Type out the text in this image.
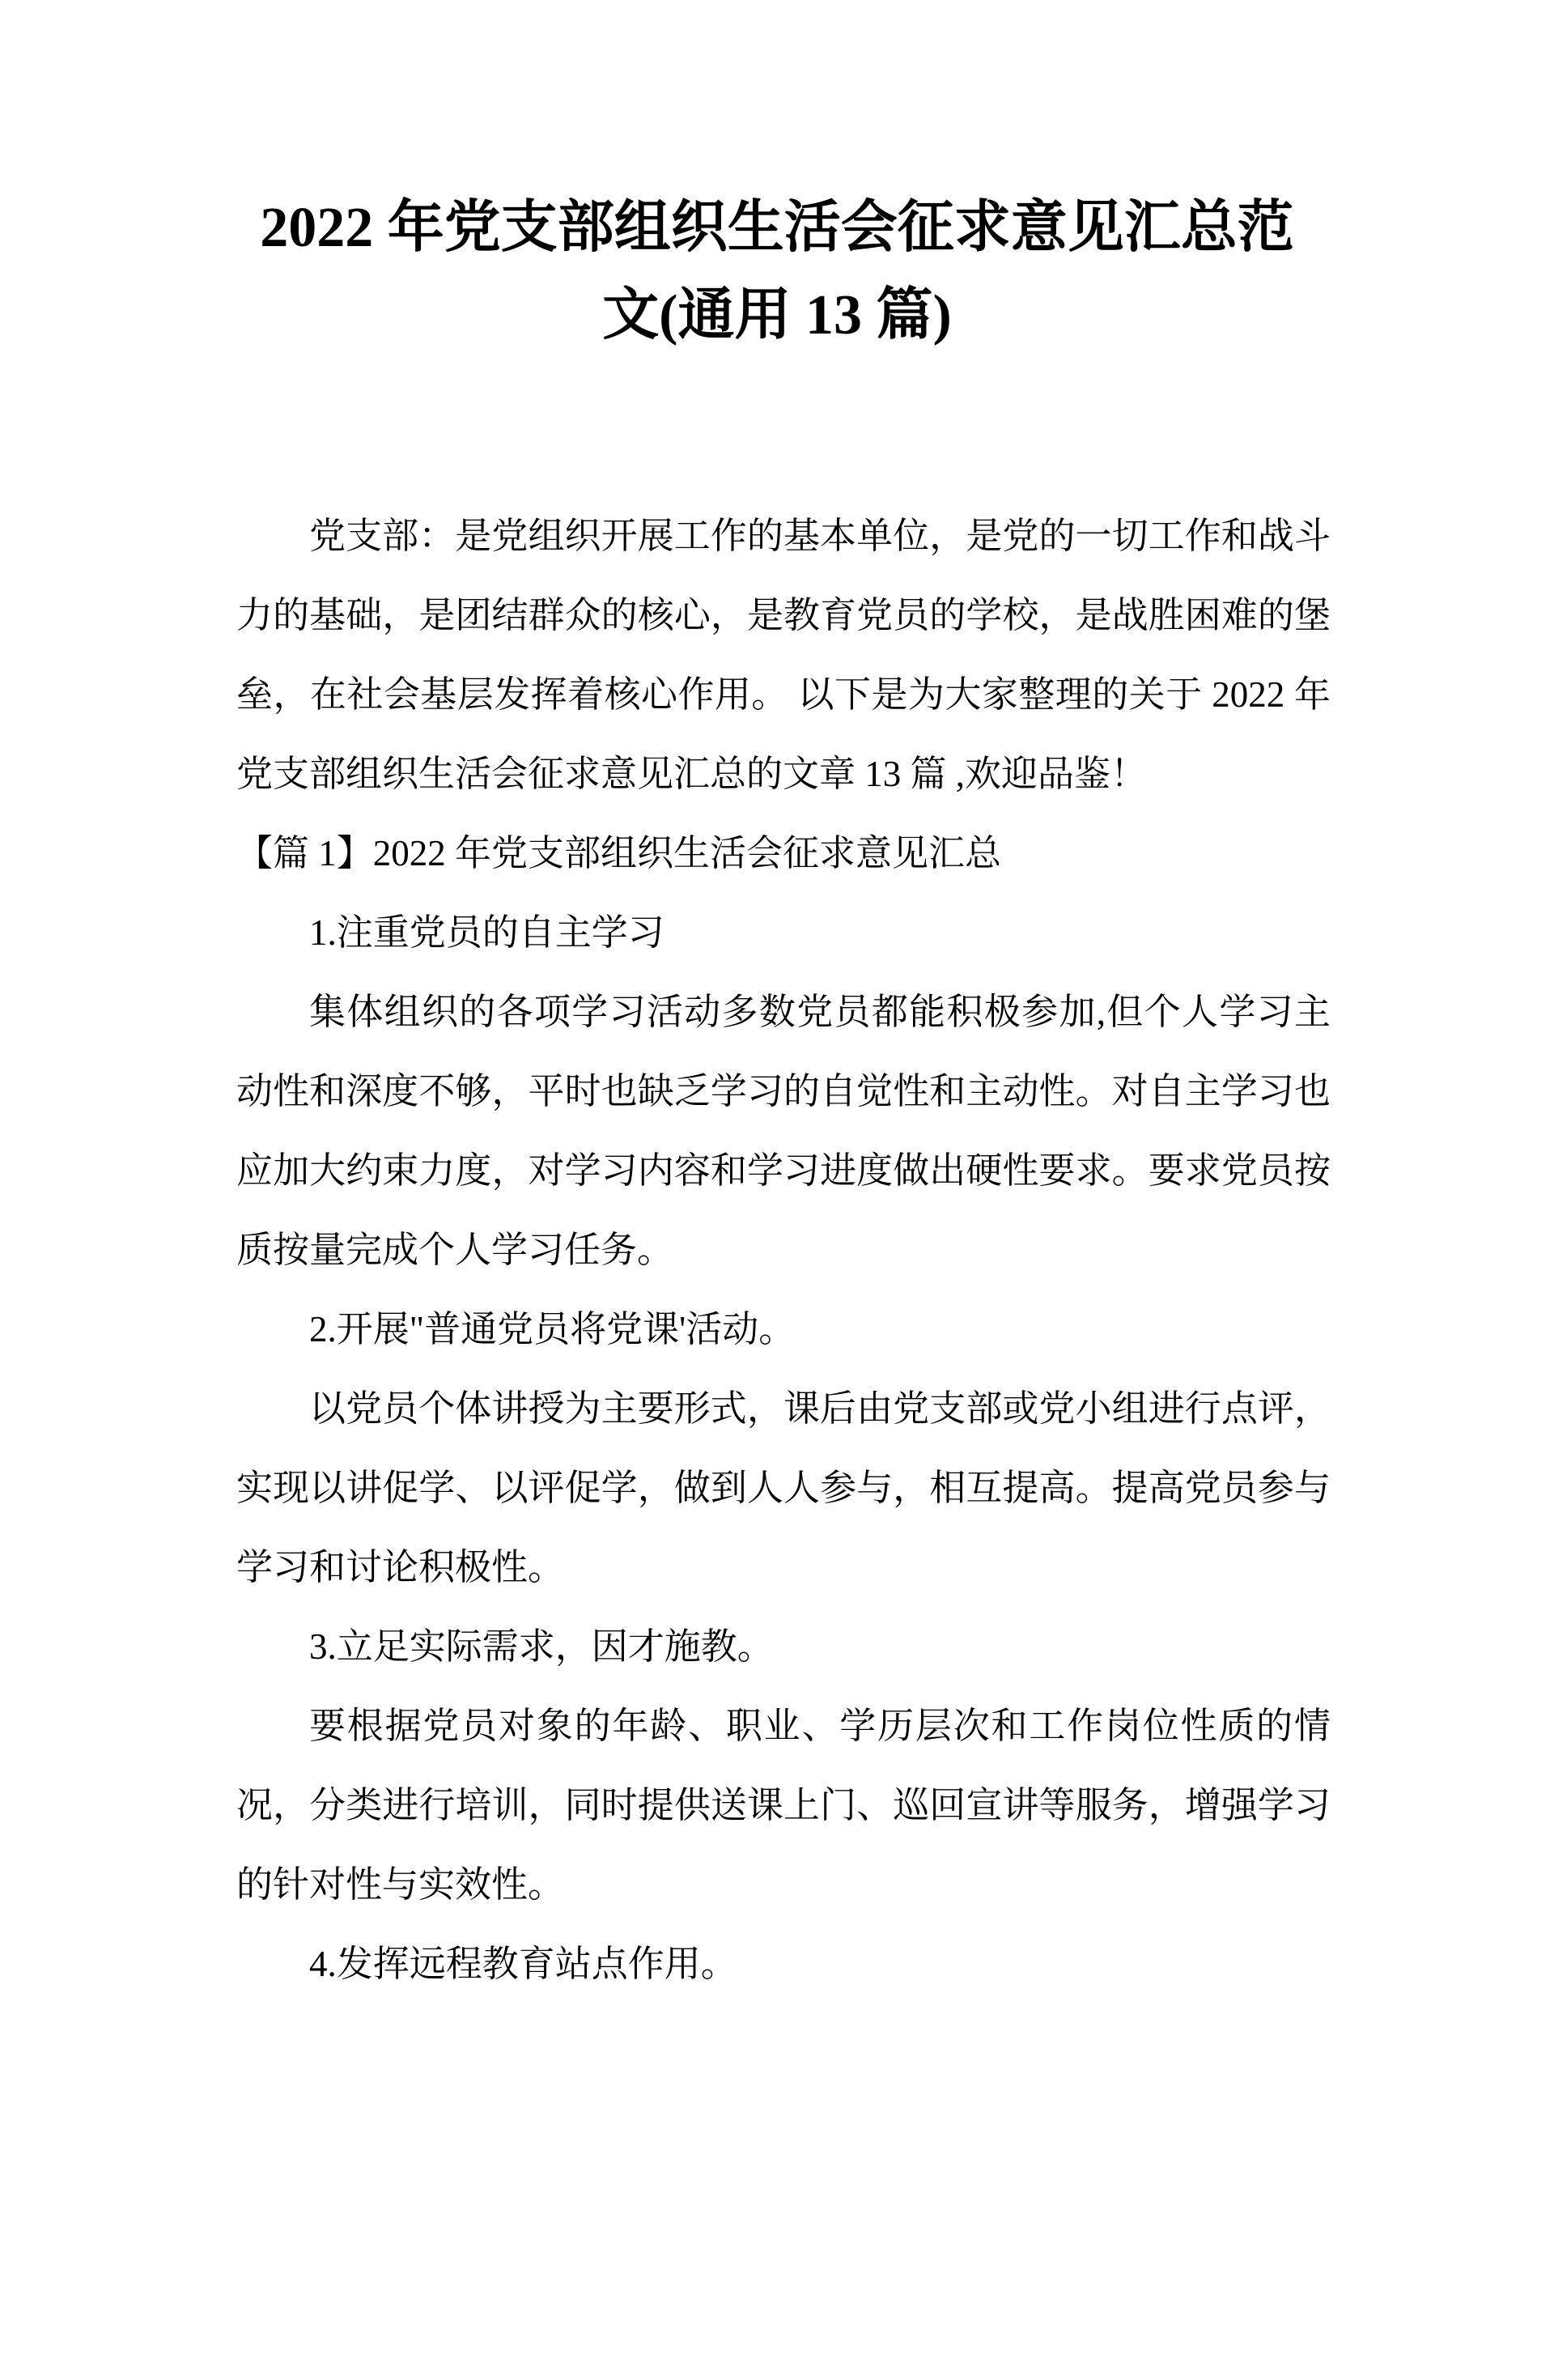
2022 年党支部组织生活会征求意见汇总范文(通用 13 篇)

党支部：是党组织开展工作的基本单位，是党的一切工作和战斗力的基础，是团结群众的核心，是教育党员的学校，是战胜困难的堡垒，在社会基层发挥着核心作用。 以下是为大家整理的关于 2022 年党支部组织生活会征求意见汇总的文章 13 篇 ,欢迎品鉴！

【篇 1】2022 年党支部组织生活会征求意见汇总

1.注重党员的自主学习

集体组织的各项学习活动多数党员都能积极参加,但个人学习主动性和深度不够，平时也缺乏学习的自觉性和主动性。对自主学习也应加大约束力度，对学习内容和学习进度做出硬性要求。要求党员按质按量完成个人学习任务。

2.开展"普通党员将党课'活动。

以党员个体讲授为主要形式，课后由党支部或党小组进行点评，实现以讲促学、以评促学，做到人人参与，相互提高。提高党员参与学习和讨论积极性。

3.立足实际需求，因才施教。

要根据党员对象的年龄、职业、学历层次和工作岗位性质的情况，分类进行培训，同时提供送课上门、巡回宣讲等服务，增强学习的针对性与实效性。

4.发挥远程教育站点作用。
